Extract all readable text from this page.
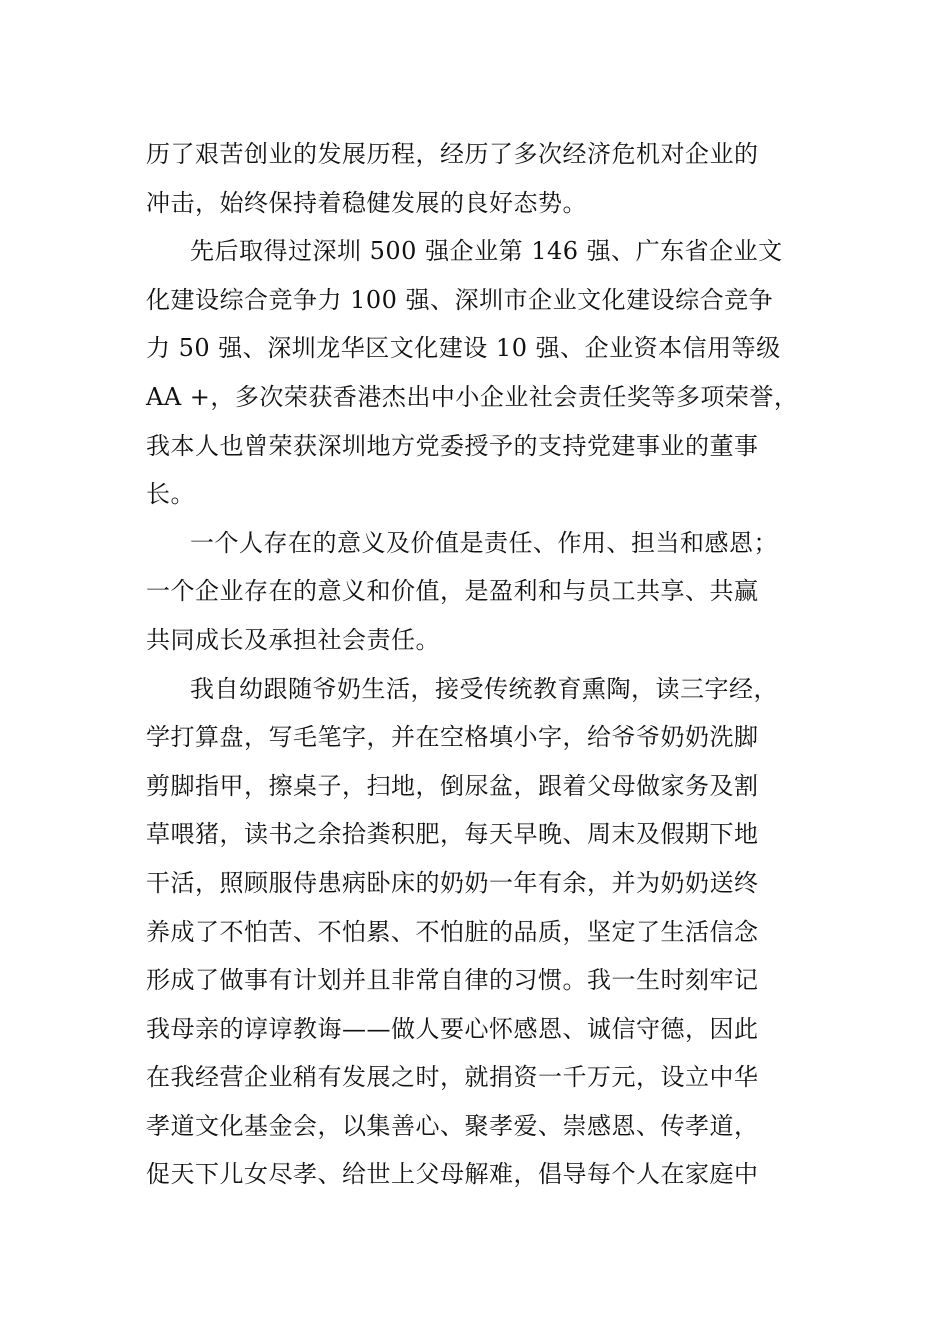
历了艰苦创业的发展历程，经历了多次经济危机对企业的
冲击，始终保持着稳健发展的良好态势。
先后取得过深圳 500 强企业第 146 强、广东省企业文
化建设综合竞争力 100 强、深圳市企业文化建设综合竞争
力 50 强、深圳龙华区文化建设 10 强、企业资本信用等级
AA +，多次荣获香港杰出中小企业社会责任奖等多项荣誉，
我本人也曾荣获深圳地方党委授予的支持党建事业的董事
长。
一个人存在的意义及价值是责任、作用、担当和感恩；
一个企业存在的意义和价值，是盈利和与员工共享、共赢
共同成长及承担社会责任。
我自幼跟随爷奶生活，接受传统教育熏陶，读三字经，
学打算盘，写毛笔字，并在空格填小字，给爷爷奶奶洗脚
剪脚指甲，擦桌子，扫地，倒尿盆，跟着父母做家务及割
草喂猪，读书之余拾粪积肥，每天早晚、周末及假期下地
干活，照顾服侍患病卧床的奶奶一年有余，并为奶奶送终
养成了不怕苦、不怕累、不怕脏的品质，坚定了生活信念
形成了做事有计划并且非常自律的习惯。我一生时刻牢记
我母亲的谆谆教诲——做人要心怀感恩、诚信守德，因此
在我经营企业稍有发展之时，就捐资一千万元，设立中华
孝道文化基金会，以集善心、聚孝爱、崇感恩、传孝道，
促天下儿女尽孝、给世上父母解难，倡导每个人在家庭中
